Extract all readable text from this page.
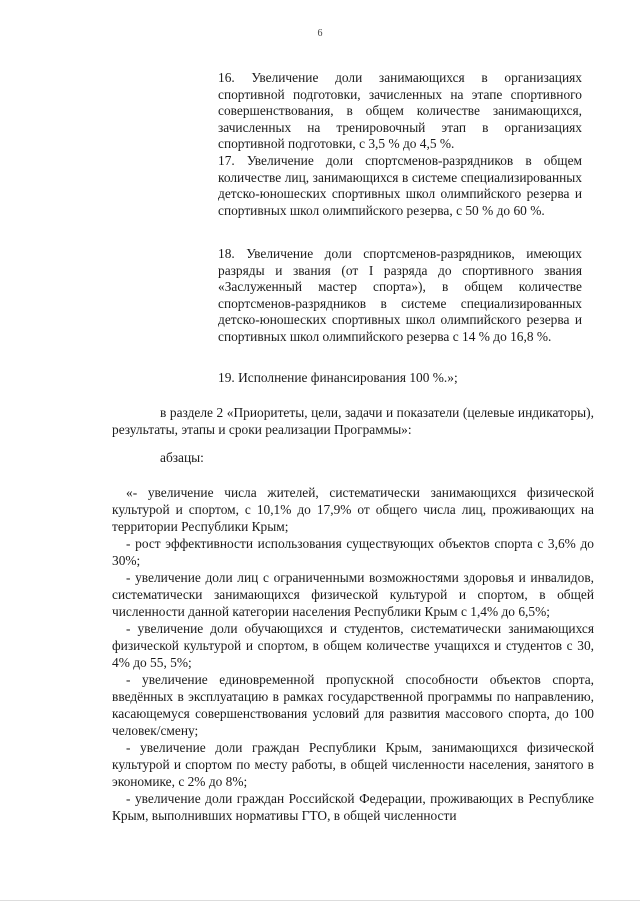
6

16. Увеличение доли занимающихся в организациях спортивной подготовки, зачисленных на этапе спортивного совершенствования, в общем количестве занимающихся, зачисленных на тренировочный этап в организациях спортивной подготовки, с 3,5 % до 4,5 %.

17. Увеличение доли спортсменов-разрядников в общем количестве лиц, занимающихся в системе специализированных детско-юношеских спортивных школ олимпийского резерва и спортивных школ олимпийского резерва, с 50 % до 60 %.

18. Увеличение доли спортсменов-разрядников, имеющих разряды и звания (от I разряда до спортивного звания «Заслуженный мастер спорта»), в общем количестве спортсменов-разрядников в системе специализированных детско-юношеских спортивных школ олимпийского резерва и спортивных школ олимпийского резерва с 14 % до 16,8 %.

19. Исполнение финансирования 100 %.»;

в разделе 2 «Приоритеты, цели, задачи и показатели (целевые индикаторы), результаты, этапы и сроки реализации Программы»:

абзацы:

«- увеличение числа жителей, систематически занимающихся физической культурой и спортом, с 10,1% до 17,9% от общего числа лиц, проживающих на территории Республики Крым;

- рост эффективности использования существующих объектов спорта с 3,6% до 30%;

- увеличение доли лиц с ограниченными возможностями здоровья и инвалидов, систематически занимающихся физической культурой и спортом, в общей численности данной категории населения Республики Крым с 1,4% до 6,5%;

- увеличение доли обучающихся и студентов, систематически занимающихся физической культурой и спортом, в общем количестве учащихся и студентов с 30, 4% до 55, 5%;

- увеличение единовременной пропускной способности объектов спорта, введённых в эксплуатацию в рамках государственной программы по направлению, касающемуся совершенствования условий для развития массового спорта, до 100 человек/смену;

- увеличение доли граждан Республики Крым, занимающихся физической культурой и спортом по месту работы, в общей численности населения, занятого в экономике, с 2% до 8%;

- увеличение доли граждан Российской Федерации, проживающих в Республике Крым, выполнивших нормативы ГТО, в общей численности
